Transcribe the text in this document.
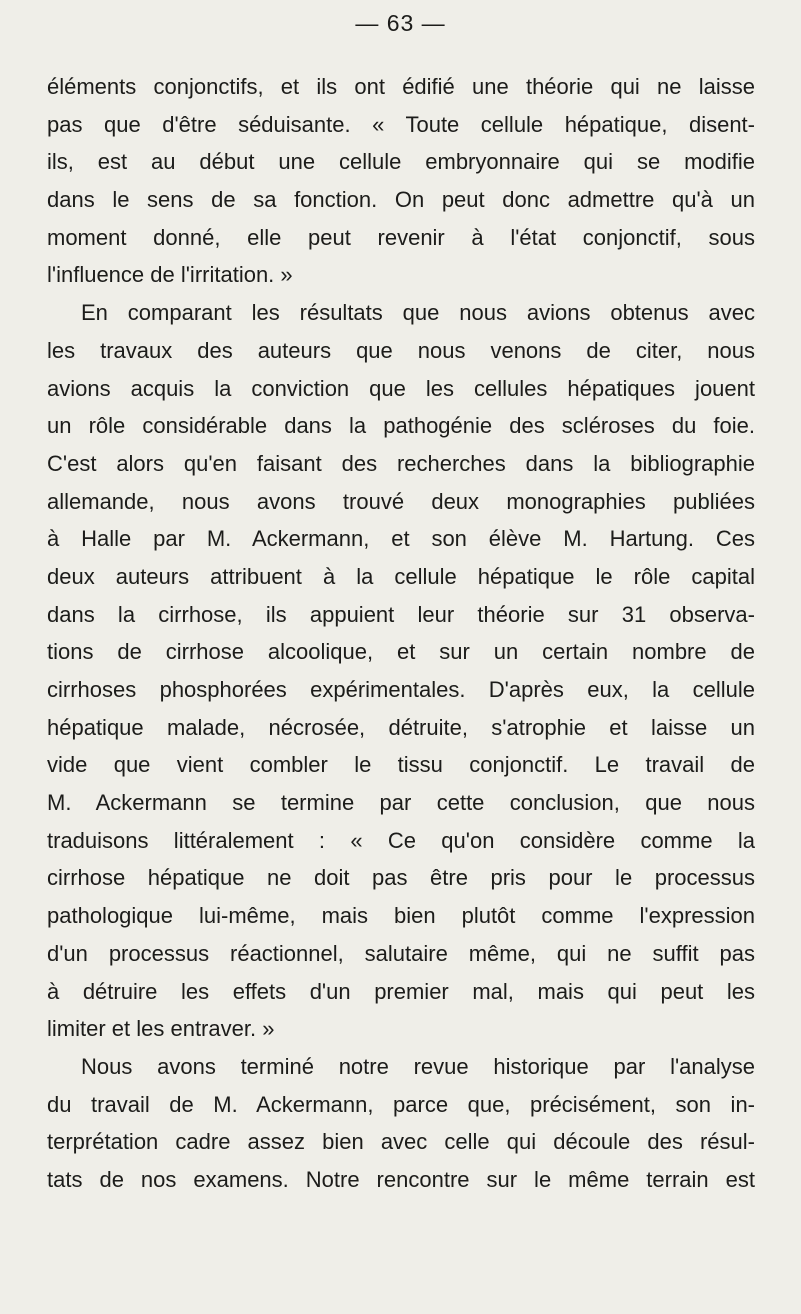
— 63 —
éléments conjonctifs, et ils ont édifié une théorie qui ne laisse
pas que d'être séduisante. « Toute cellule hépatique, disent-
ils, est au début une cellule embryonnaire qui se modifie
dans le sens de sa fonction. On peut donc admettre qu'à un
moment donné, elle peut revenir à l'état conjonctif, sous
l'influence de l'irritation. »
En comparant les résultats que nous avions obtenus avec
les travaux des auteurs que nous venons de citer, nous
avions acquis la conviction que les cellules hépatiques jouent
un rôle considérable dans la pathogénie des scléroses du foie.
C'est alors qu'en faisant des recherches dans la bibliographie
allemande, nous avons trouvé deux monographies publiées
à Halle par M. Ackermann, et son élève M. Hartung. Ces
deux auteurs attribuent à la cellule hépatique le rôle capital
dans la cirrhose, ils appuient leur théorie sur 31 observa-
tions de cirrhose alcoolique, et sur un certain nombre de
cirrhoses phosphorées expérimentales. D'après eux, la cellule
hépatique malade, nécrosée, détruite, s'atrophie et laisse un
vide que vient combler le tissu conjonctif. Le travail de
M. Ackermann se termine par cette conclusion, que nous
traduisons littéralement : « Ce qu'on considère comme la
cirrhose hépatique ne doit pas être pris pour le processus
pathologique lui-même, mais bien plutôt comme l'expression
d'un processus réactionnel, salutaire même, qui ne suffit pas
à détruire les effets d'un premier mal, mais qui peut les
limiter et les entraver. »
Nous avons terminé notre revue historique par l'analyse
du travail de M. Ackermann, parce que, précisément, son in-
terprétation cadre assez bien avec celle qui découle des résul-
tats de nos examens. Notre rencontre sur le même terrain est
